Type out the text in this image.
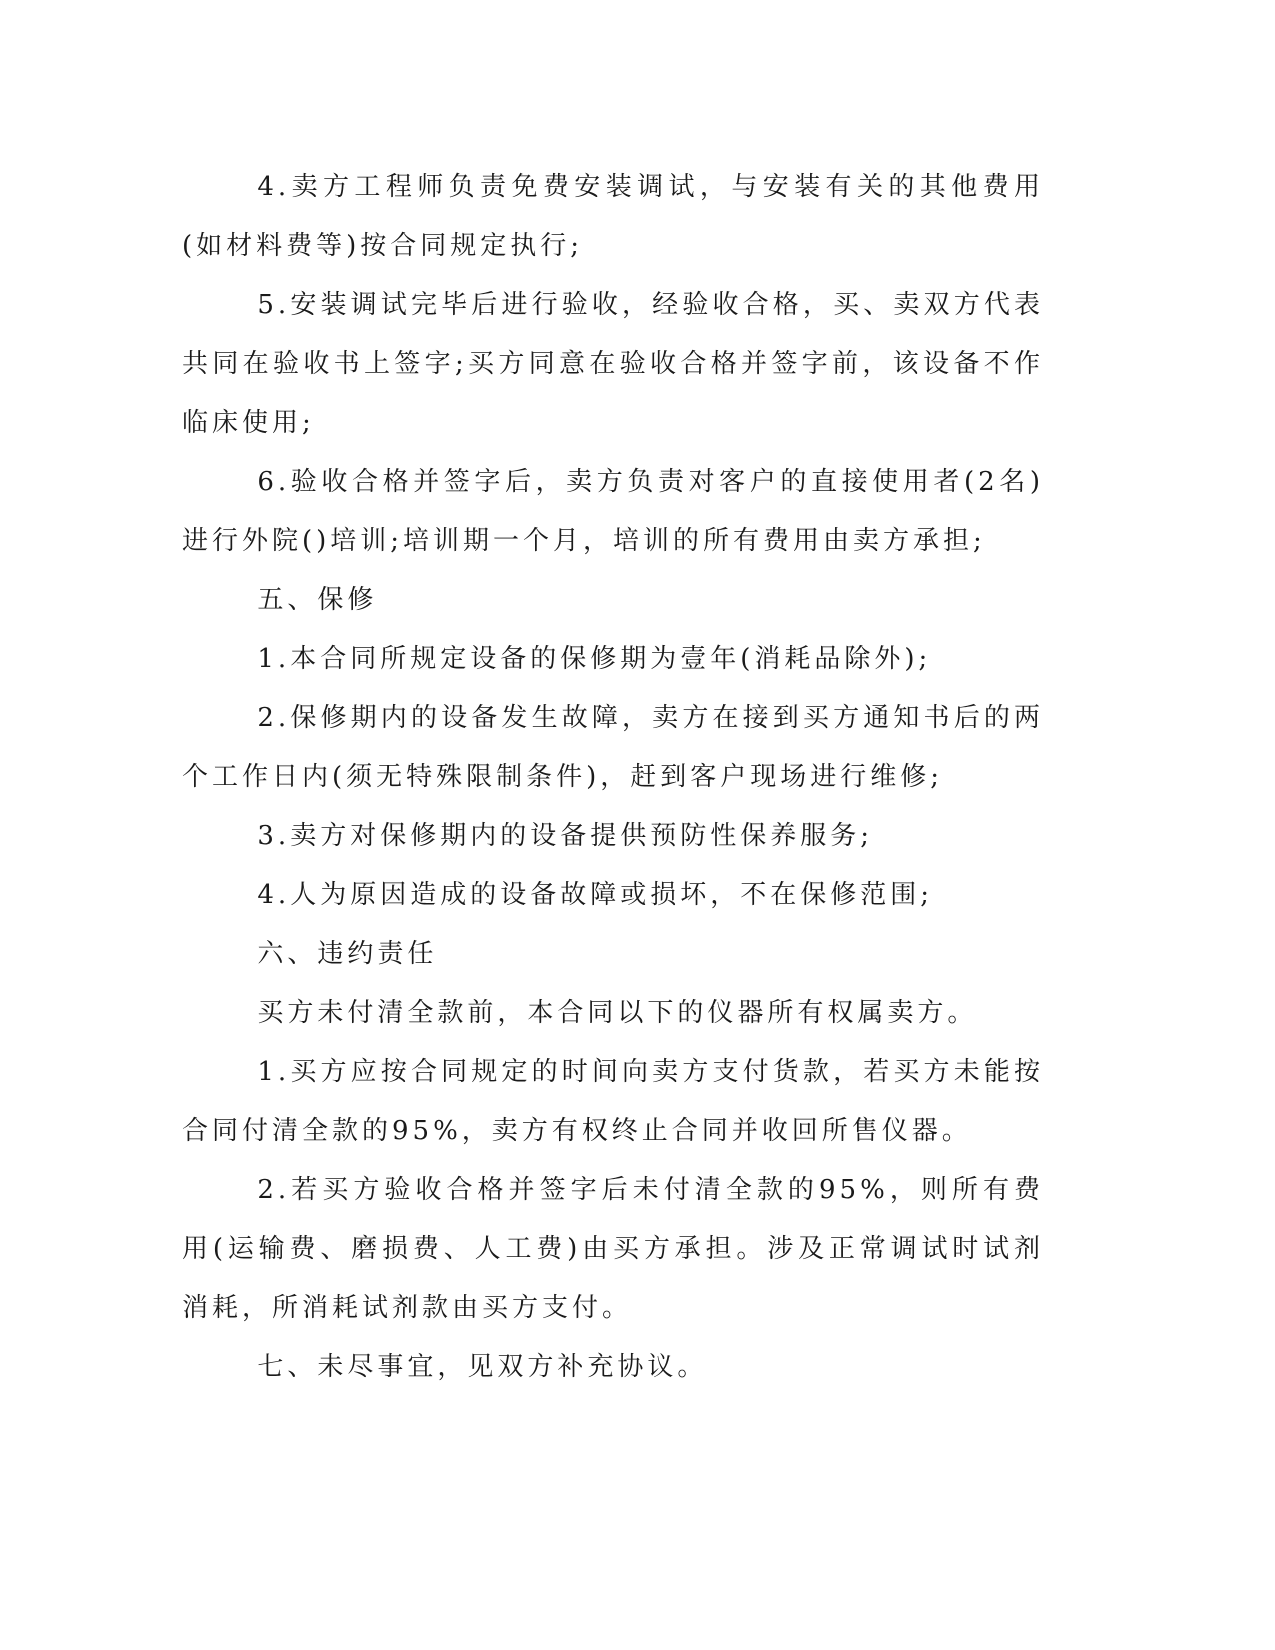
4.卖方工程师负责免费安装调试，与安装有关的其他费用(如材料费等)按合同规定执行;

5.安装调试完毕后进行验收，经验收合格，买、卖双方代表共同在验收书上签字;买方同意在验收合格并签字前，该设备不作临床使用;

6.验收合格并签字后，卖方负责对客户的直接使用者(2名)进行外院()培训;培训期一个月，培训的所有费用由卖方承担;

五、保修

1.本合同所规定设备的保修期为壹年(消耗品除外);

2.保修期内的设备发生故障，卖方在接到买方通知书后的两个工作日内(须无特殊限制条件)，赶到客户现场进行维修;

3.卖方对保修期内的设备提供预防性保养服务;

4.人为原因造成的设备故障或损坏，不在保修范围;

六、违约责任

买方未付清全款前，本合同以下的仪器所有权属卖方。

1.买方应按合同规定的时间向卖方支付货款，若买方未能按合同付清全款的95%，卖方有权终止合同并收回所售仪器。

2.若买方验收合格并签字后未付清全款的95%，则所有费用(运输费、磨损费、人工费)由买方承担。涉及正常调试时试剂消耗，所消耗试剂款由买方支付。

七、未尽事宜，见双方补充协议。
